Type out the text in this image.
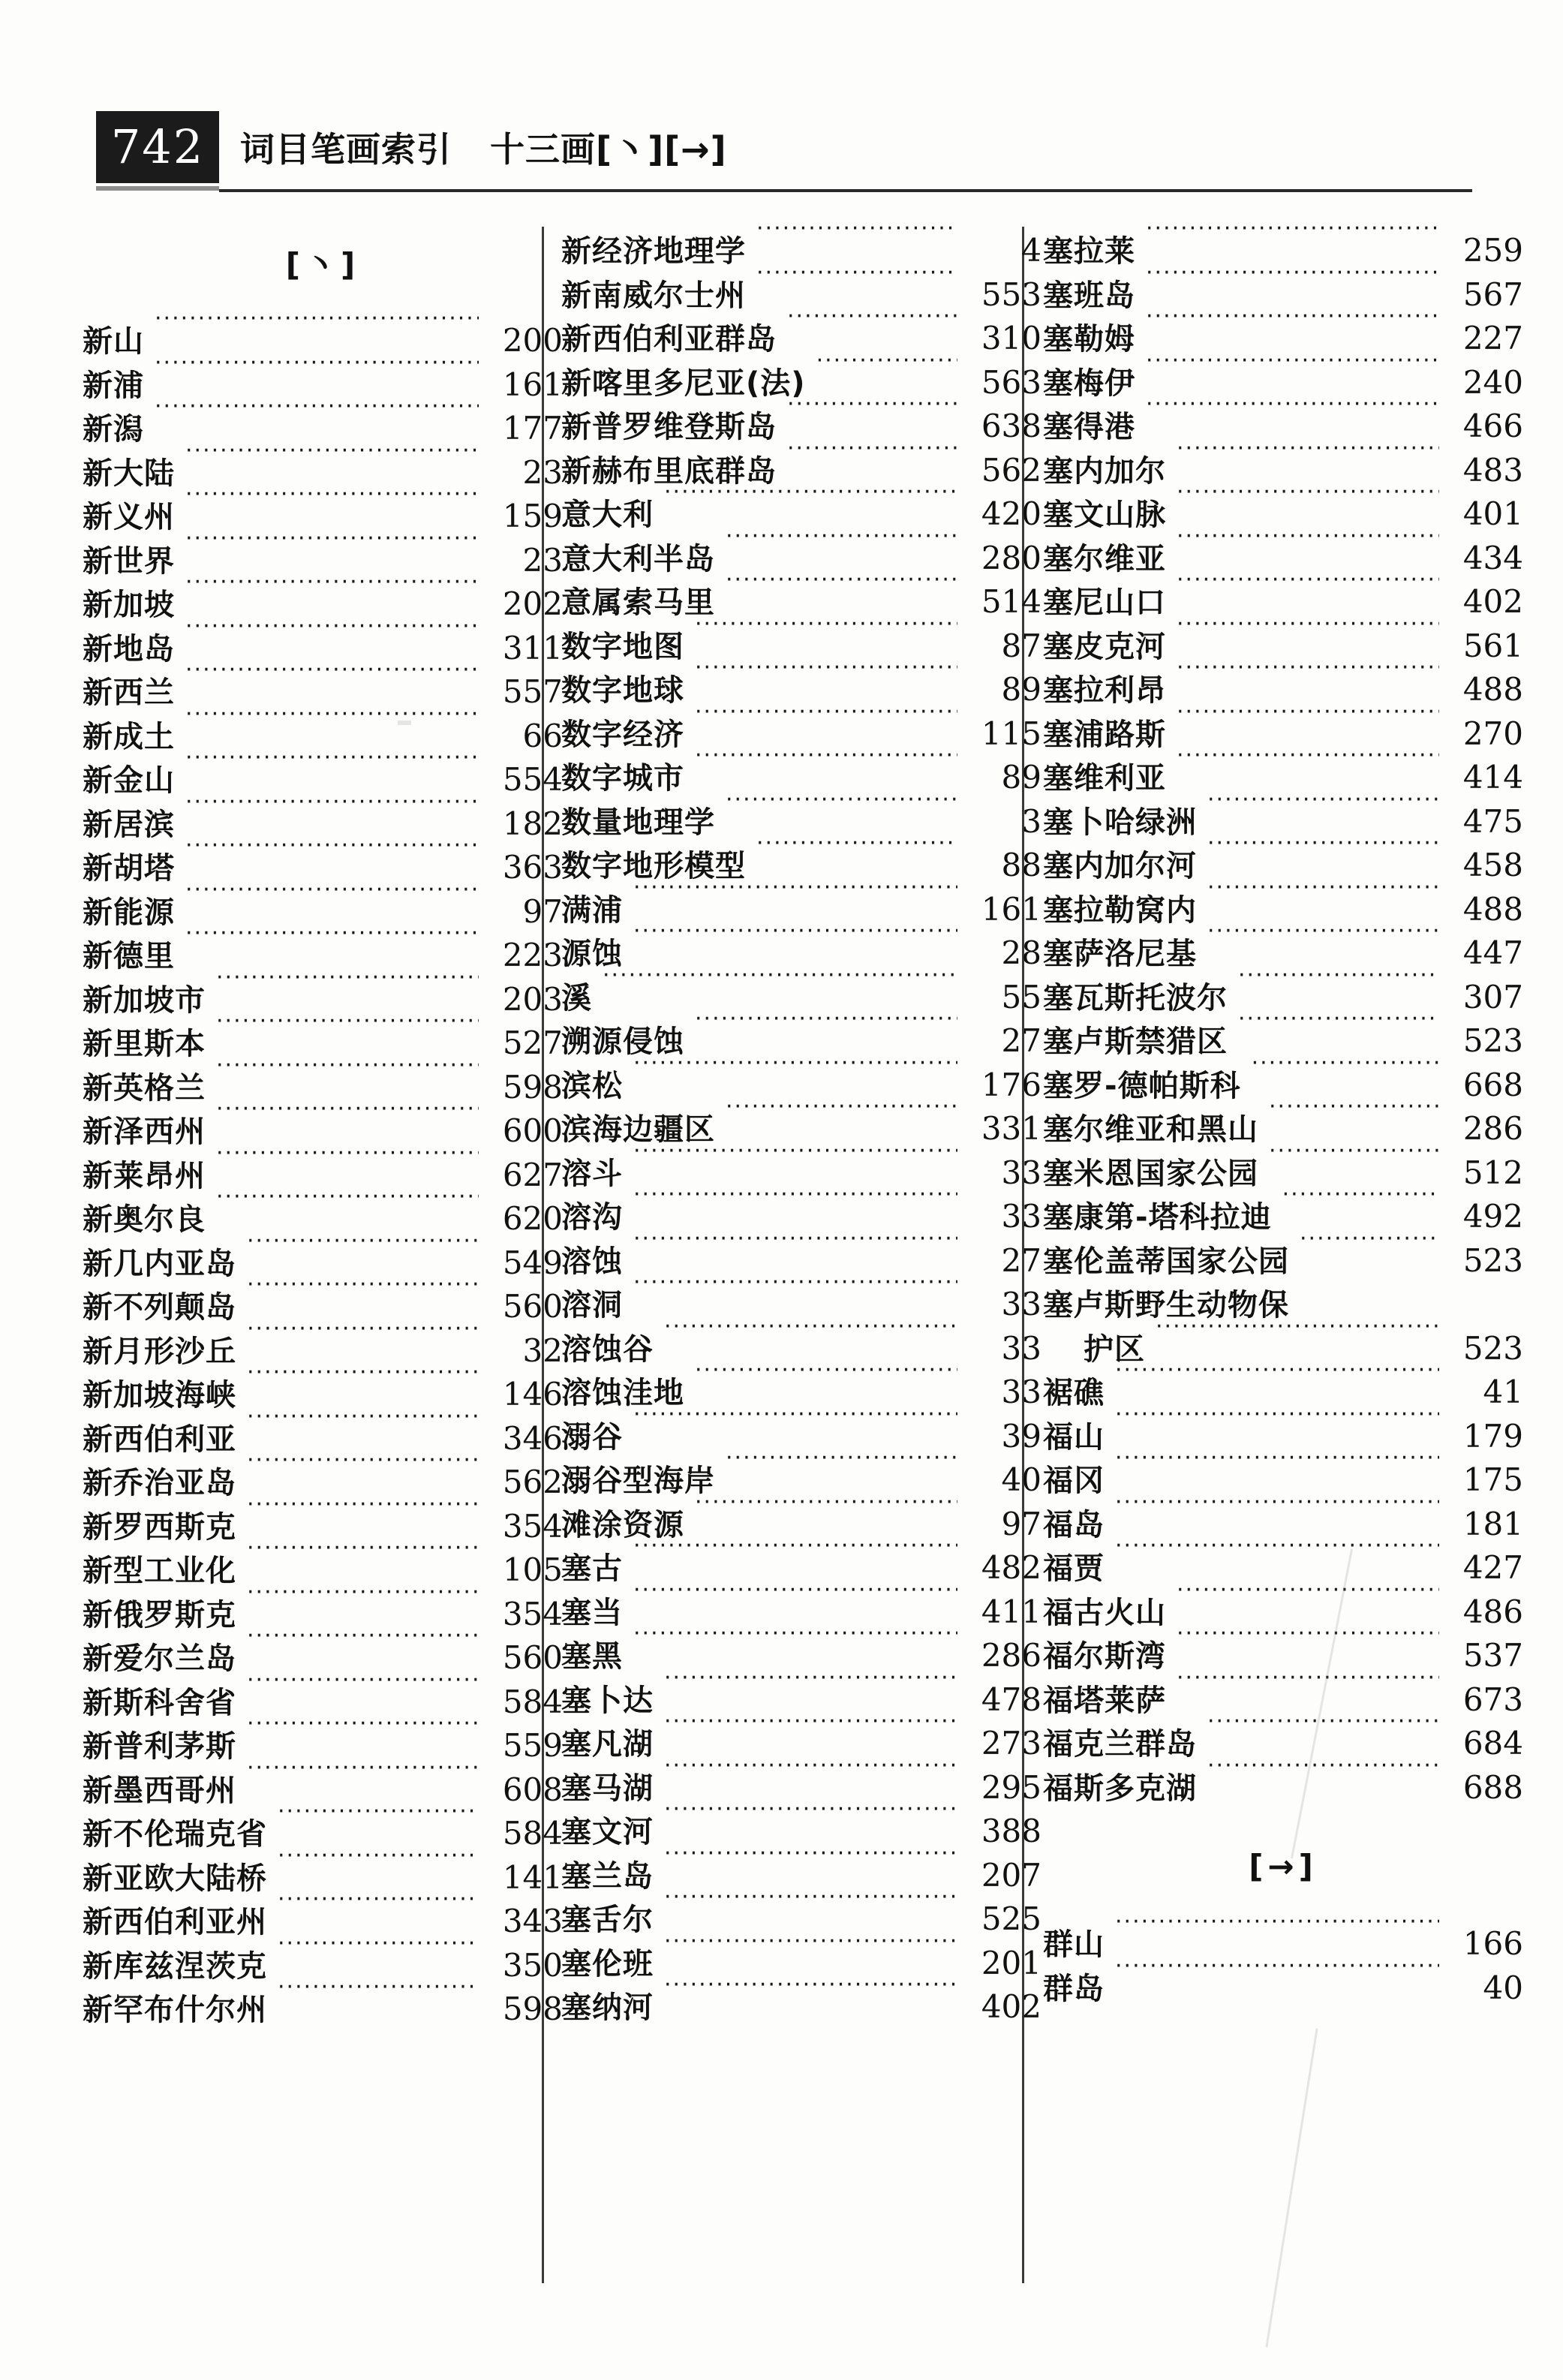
742	词目笔画索引   十三画[丶][→]
[丶]
新山 ·····	200
新浦 ·····	161
新潟 ·····	177
新大陆 ·····	23
新义州 ·····	159
新世界 ·····	23
新加坡 ·····	202
新地岛 ·····	311
新西兰 ·····	557
新成土 ·····	66
新金山 ·····	554
新居滨 ·····	182
新胡塔 ·····	363
新能源 ·····	97
新德里 ·····	223
新加坡市 ·····	203
新里斯本 ·····	527
新英格兰 ·····	598
新泽西州 ·····	600
新莱昂州 ·····	627
新奥尔良 ·····	620
新几内亚岛 ·····	549
新不列颠岛 ·····	560
新月形沙丘 ·····	32
新加坡海峡 ·····	146
新西伯利亚 ·····	346
新乔治亚岛 ·····	562
新罗西斯克 ·····	354
新型工业化 ·····	105
新俄罗斯克 ·····	354
新爱尔兰岛 ·····	560
新斯科舍省 ·····	584
新普利茅斯 ·····	559
新墨西哥州 ·····	608
新不伦瑞克省 ·····	584
新亚欧大陆桥 ·····	141
新西伯利亚州 ·····	343
新库兹涅茨克 ·····	350
新罕布什尔州 ·····	598
新经济地理学 ·····	4
新南威尔士州 ·····	553
新西伯利亚群岛 ·····	310
新喀里多尼亚(法) ·····	563
新普罗维登斯岛 ·····	638
新赫布里底群岛 ·····	562
意大利 ·····	420
意大利半岛 ·····	280
意属索马里 ·····	514
数字地图 ·····	87
数字地球 ·····	89
数字经济 ·····	115
数字城市 ·····	89
数量地理学 ·····	3
数字地形模型 ·····	88
满浦 ·····	161
源蚀 ·····	28
溪 ·····	55
溯源侵蚀 ·····	27
滨松 ·····	176
滨海边疆区 ·····	331
溶斗 ·····	33
溶沟 ·····	33
溶蚀 ·····	27
溶洞 ·····	33
溶蚀谷 ·····	33
溶蚀洼地 ·····	33
溺谷 ·····	39
溺谷型海岸 ·····	40
滩涂资源 ·····	97
塞古 ·····	482
塞当 ·····	411
塞黑 ·····	286
塞卜达 ·····	478
塞凡湖 ·····	273
塞马湖 ·····	295
塞文河 ·····	388
塞兰岛 ·····	207
塞舌尔 ·····	525
塞伦班 ·····	201
塞纳河 ·····	402
塞拉莱 ·····	259
塞班岛 ·····	567
塞勒姆 ·····	227
塞梅伊 ·····	240
塞得港 ·····	466
塞内加尔 ·····	483
塞文山脉 ·····	401
塞尔维亚 ·····	434
塞尼山口 ·····	402
塞皮克河 ·····	561
塞拉利昂 ·····	488
塞浦路斯 ·····	270
塞维利亚 ·····	414
塞卜哈绿洲 ·····	475
塞内加尔河 ·····	458
塞拉勒窝内 ·····	488
塞萨洛尼基 ·····	447
塞瓦斯托波尔 ·····	307
塞卢斯禁猎区 ·····	523
塞罗-德帕斯科 ·····	668
塞尔维亚和黑山 ·····	286
塞米恩国家公园 ·····	512
塞康第-塔科拉迪 ·····	492
塞伦盖蒂国家公园 ·····	523
塞卢斯野生动物保
护区 ·····	523
裾礁 ·····	41
福山 ·····	179
福冈 ·····	175
福岛 ·····	181
福贾 ·····	427
福古火山 ·····	486
福尔斯湾 ·····	537
福塔莱萨 ·····	673
福克兰群岛 ·····	684
福斯多克湖 ·····	688
[→]
群山 ·····	166
群岛 ·····	40
